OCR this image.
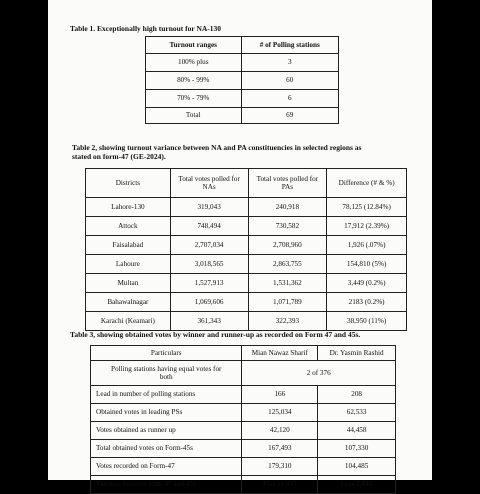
Table 1. Exceptionally high turnout for NA-130
Turnout ranges	# of Polling stations
100% plus	3
80% - 99%	60
70% - 79%	6
Total	69
Table 2, showing turnout variance between NA and PA constituencies in selected regions as
stated on form-47 (GE-2024).
Districts	Total votes polled for NAs	Total votes polled for PAs	Difference (# & %)
Lahore-130	319,043	240,918	78,125 (12.84%)
Attock	748,494	730,582	17,912 (2.39%)
Faisalabad	2,707,034	2,708,960	1,926 (.07%)
Lahoure	3,018,565	2,863,755	154,810 (5%)
Multan	1,527,913	1,531,362	3,449 (0.2%)
Bahawalnagar	1,069,606	1,071,789	2183 (0.2%)
Karachi (Keamari)	361,343	322,393	38,950 (11%)
Table 3, showing obtained votes by winner and runner-up as recorded on Form 47 and 45s.
Particulars	Mian Nawaz Sharif	Dr. Yasmin Rashid
Polling stations having equal votes for both	2 of 376	
Lead in number of polling stations	166	208
Obtained votes in leading PSs	125,034	62,533
Votes obtained as runner up	42,120	44,458
Total obtained votes on Form-45s	167,493	107,330
Votes recorded on Form-47	179,310	104,485
Variance between form 47 and 45s	Plus 11,817	Less 2,845
